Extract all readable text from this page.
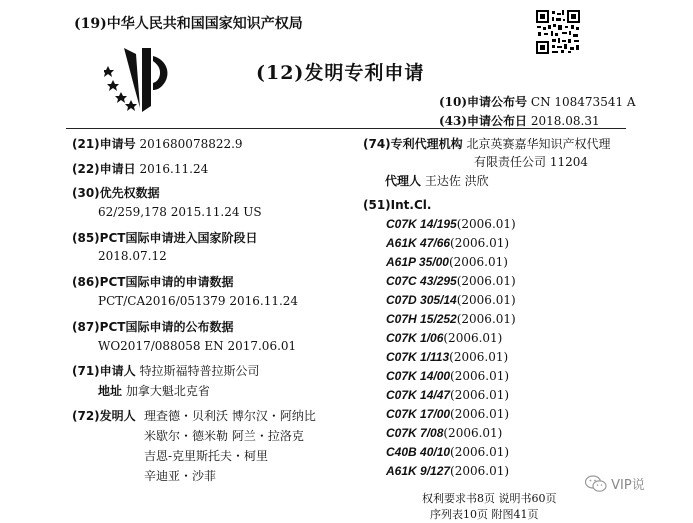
(19)中华人民共和国国家知识产权局
(12)发明专利申请
(10)申请公布号 CN 108473541 A
(43)申请公布日 2018.08.31
(21)申请号 201680078822.9
(22)申请日 2016.11.24
(30)优先权数据
62/259,178 2015.11.24 US
(85)PCT国际申请进入国家阶段日
2018.07.12
(86)PCT国际申请的申请数据
PCT/CA2016/051379 2016.11.24
(87)PCT国际申请的公布数据
WO2017/088058 EN 2017.06.01
(71)申请人 特拉斯福特普拉斯公司
地址 加拿大魁北克省
(72)发明人 理查德・贝利沃 博尔汉・阿纳比
米歇尔・德米勒 阿兰・拉洛克
吉恩-克里斯托夫・柯里
辛迪亚・沙菲
(74)专利代理机构 北京英赛嘉华知识产权代理
有限责任公司 11204
代理人 王达佐 洪欣
(51)Int.Cl.
C07K 14/195(2006.01)
A61K 47/66(2006.01)
A61P 35/00(2006.01)
C07C 43/295(2006.01)
C07D 305/14(2006.01)
C07H 15/252(2006.01)
C07K 1/06(2006.01)
C07K 1/113(2006.01)
C07K 14/00(2006.01)
C07K 14/47(2006.01)
C07K 17/00(2006.01)
C07K 7/08(2006.01)
C40B 40/10(2006.01)
A61K 9/127(2006.01)
权利要求书8页 说明书60页
序列表10页 附图41页
VIP说
